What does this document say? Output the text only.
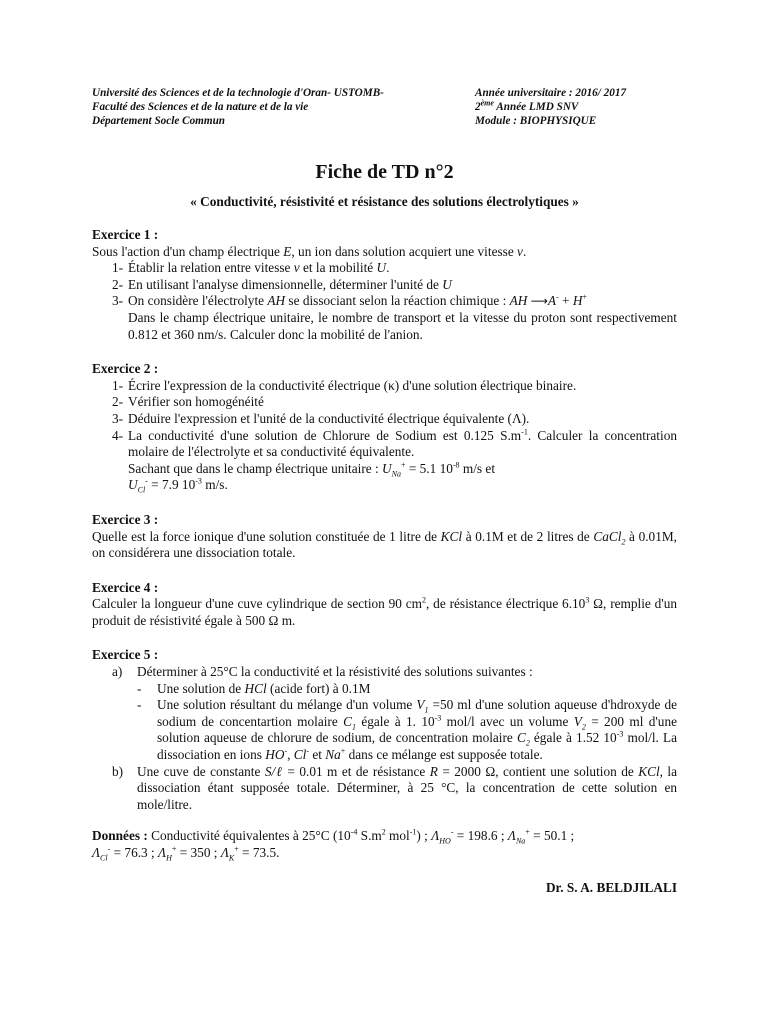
Université des Sciences et de la technologie d'Oran- USTOMB-
Faculté des Sciences et de la nature et de la vie
Département Socle Commun
Année universitaire : 2016/ 2017
2ème Année LMD SNV
Module : BIOPHYSIQUE
Fiche de TD n°2
« Conductivité, résistivité et résistance des solutions électrolytiques »
Exercice 1 :
Sous l'action d'un champ électrique E, un ion dans solution acquiert une vitesse v.
1- Établir la relation entre vitesse v et la mobilité U.
2- En utilisant l'analyse dimensionnelle, déterminer l'unité de U
3- On considère l'électrolyte AH se dissociant selon la réaction chimique : AH ⟶A- + H+
Dans le champ électrique unitaire, le nombre de transport et la vitesse du proton sont respectivement 0.812 et 360 nm/s. Calculer donc la mobilité de l'anion.
Exercice 2 :
1- Écrire l'expression de la conductivité électrique (κ) d'une solution électrique binaire.
2- Vérifier son homogénéité
3- Déduire l'expression et l'unité de la conductivité électrique équivalente (Λ).
4- La conductivité d'une solution de Chlorure de Sodium est 0.125 $S.m^{-1}$. Calculer la concentration molaire de l'électrolyte et sa conductivité équivalente.
Sachant que dans le champ électrique unitaire : $U_{Na}^+ = 5.1$ $10^{-8}$ m/s et
$U_{Cl}^- = 7.9$ $10^{-3}$ m/s.
Exercice 3 :
Quelle est la force ionique d'une solution constituée de 1 litre de KCl à 0.1M et de 2 litres de CaCl$_2$ à 0.01M, on considérera une dissociation totale.
Exercice 4 :
Calculer la longueur d'une cuve cylindrique de section 90 $cm^2$, de résistance électrique 6.10$^3$ Ω, remplie d'un produit de résistivité égale à 500 Ω m.
Exercice 5 :
a) Déterminer à 25°C la conductivité et la résistivité des solutions suivantes :
- Une solution de HCl (acide fort) à 0.1M
- Une solution résultant du mélange d'un volume $V_1 =50$ ml d'une solution aqueuse d'hdroxyde de sodium de concentartion molaire $C_1$ égale à 1. $10^{-3}$ mol/l avec un volume $V_2 = 200$ ml d'une solution aqueuse de chlorure de sodium, de concentration molaire $C_2$ égale à 1.52 $10^{-3}$ mol/l. La dissociation en ions HO-, Cl- et Na+ dans ce mélange est supposée totale.
b) Une cuve de constante S/ℓ = 0.01 m et de résistance R = 2000 Ω, contient une solution de KCl, la dissociation étant supposée totale. Déterminer, à 25 °C, la concentration de cette solution en mole/litre.
Données : Conductivité équivalentes à 25°C ($10^{-4}$ $S.m^2$ mol$^{-1}$) ; $\Lambda_{HO}^- = 198.6$ ; $\Lambda_{Na}^+ = 50.1$ ;
$\Lambda_{Cl}^- = 76.3$ ; $\Lambda_H^+ = 350$ ; $\Lambda_K^+ = 73.5$.
Dr. S. A. BELDJILALI
